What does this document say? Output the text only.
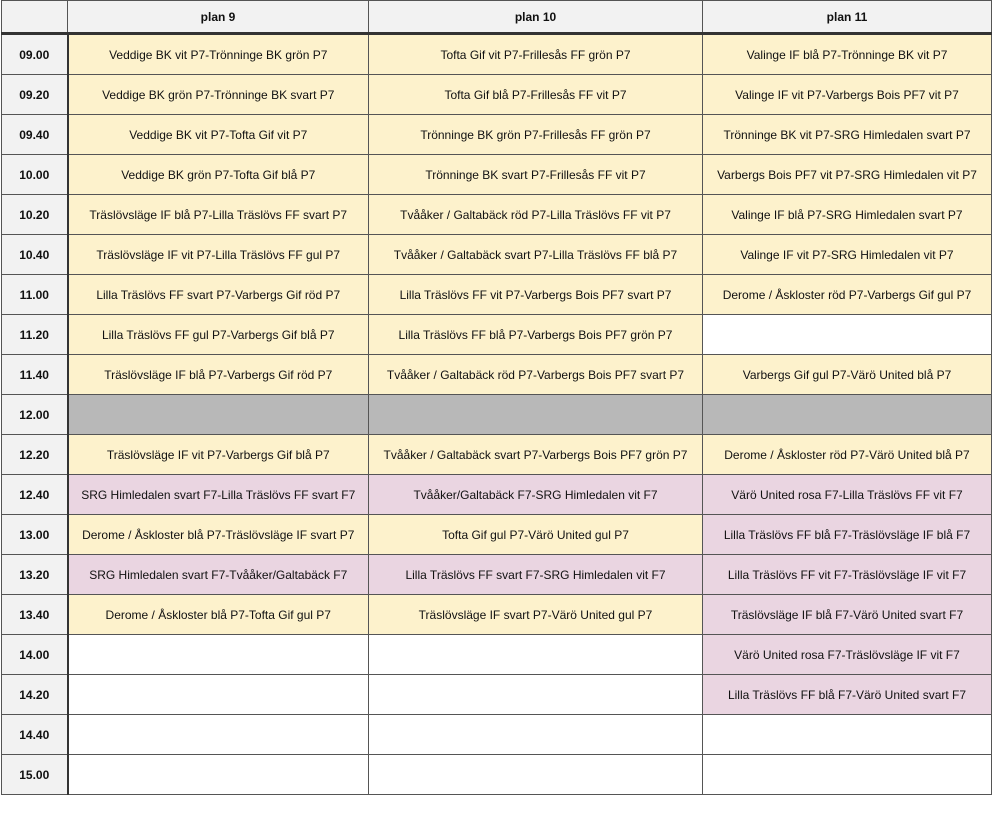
	plan 9	plan 10	plan 11
09.00	Veddige BK vit P7-Trönninge BK grön P7	Tofta Gif vit P7-Frillesås FF grön P7	Valinge IF blå P7-Trönninge BK vit P7
09.20	Veddige BK grön P7-Trönninge BK svart P7	Tofta Gif blå P7-Frillesås FF vit P7	Valinge IF vit P7-Varbergs Bois PF7 vit P7
09.40	Veddige BK vit P7-Tofta Gif vit P7	Trönninge BK grön P7-Frillesås FF grön P7	Trönninge BK vit P7-SRG Himledalen svart P7
10.00	Veddige BK grön P7-Tofta Gif blå P7	Trönninge BK svart P7-Frillesås FF vit P7	Varbergs Bois PF7 vit P7-SRG Himledalen vit P7
10.20	Träslövsläge IF blå P7-Lilla Träslövs FF svart P7	Tvååker / Galtabäck röd P7-Lilla Träslövs FF vit P7	Valinge IF blå P7-SRG Himledalen svart P7
10.40	Träslövsläge IF vit P7-Lilla Träslövs FF gul P7	Tvååker / Galtabäck svart P7-Lilla Träslövs FF blå P7	Valinge IF vit P7-SRG Himledalen vit P7
11.00	Lilla Träslövs FF svart P7-Varbergs Gif röd P7	Lilla Träslövs FF vit P7-Varbergs Bois PF7 svart P7	Derome / Åskloster röd P7-Varbergs Gif gul P7
11.20	Lilla Träslövs FF gul P7-Varbergs Gif blå P7	Lilla Träslövs FF blå P7-Varbergs Bois PF7 grön P7	
11.40	Träslövsläge IF blå P7-Varbergs Gif röd P7	Tvååker / Galtabäck röd P7-Varbergs Bois PF7 svart P7	Varbergs Gif gul P7-Värö United blå P7
12.00			
12.20	Träslövsläge IF vit P7-Varbergs Gif blå P7	Tvååker / Galtabäck svart P7-Varbergs Bois PF7 grön P7	Derome / Åskloster röd P7-Värö United blå P7
12.40	SRG Himledalen svart F7-Lilla Träslövs FF svart F7	Tvååker/Galtabäck F7-SRG Himledalen vit F7	Värö United rosa F7-Lilla Träslövs FF vit F7
13.00	Derome / Åskloster blå P7-Träslövsläge IF svart P7	Tofta Gif gul P7-Värö United gul P7	Lilla Träslövs FF blå F7-Träslövsläge IF blå F7
13.20	SRG Himledalen svart F7-Tvååker/Galtabäck F7	Lilla Träslövs FF svart F7-SRG Himledalen vit F7	Lilla Träslövs FF vit F7-Träslövsläge IF vit F7
13.40	Derome / Åskloster blå P7-Tofta Gif gul P7	Träslövsläge IF svart P7-Värö United gul P7	Träslövsläge IF blå F7-Värö United svart F7
14.00			Värö United rosa F7-Träslövsläge IF vit F7
14.20			Lilla Träslövs FF blå F7-Värö United svart F7
14.40			
15.00			
